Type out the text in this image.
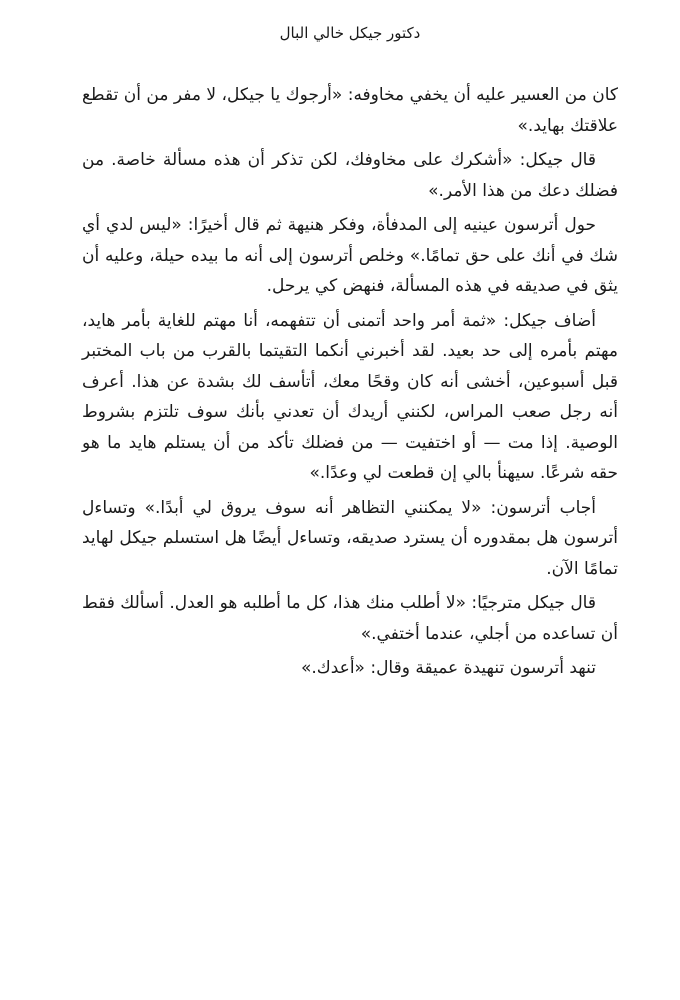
دكتور جيكل خالي البال

كان من العسير عليه أن يخفي مخاوفه: «أرجوك يا جيكل، لا مفر من أن تقطع علاقتك بهايد.»

قال جيكل: «أشكرك على مخاوفك، لكن تذكر أن هذه مسألة خاصة. من فضلك دعك من هذا الأمر.»

حول أترسون عينيه إلى المدفأة، وفكر هنيهة ثم قال أخيرًا: «ليس لدي أي شك في أنك على حق تمامًا.» وخلص أترسون إلى أنه ما بيده حيلة، وعليه أن يثق في صديقه في هذه المسألة، فنهض كي يرحل.

أضاف جيكل: «ثمة أمر واحد أتمنى أن تتفهمه، أنا مهتم للغاية بأمر هايد، مهتم بأمره إلى حد بعيد. لقد أخبرني أنكما التقيتما بالقرب من باب المختبر قبل أسبوعين، أخشى أنه كان وقحًا معك، أتأسف لك بشدة عن هذا. أعرف أنه رجل صعب المراس، لكنني أريدك أن تعدني بأنك سوف تلتزم بشروط الوصية. إذا مت — أو اختفيت — من فضلك تأكد من أن يستلم هايد ما هو حقه شرعًا. سيهنأ بالي إن قطعت لي وعدًا.»

أجاب أترسون: «لا يمكنني التظاهر أنه سوف يروق لي أبدًا.» وتساءل أترسون هل بمقدوره أن يسترد صديقه، وتساءل أيضًا هل استسلم جيكل لهايد تمامًا الآن.

قال جيكل مترجيًا: «لا أطلب منك هذا، كل ما أطلبه هو العدل. أسألك فقط أن تساعده من أجلي، عندما أختفي.»

تنهد أترسون تنهيدة عميقة وقال: «أعدك.»
